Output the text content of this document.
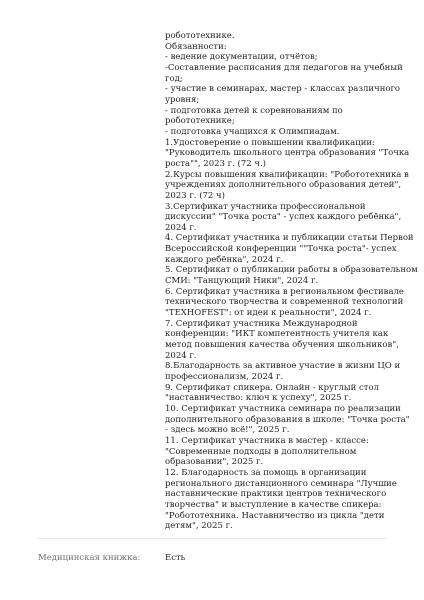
робототехнике.
Обязанности:
- ведение документации, отчётов;
-Составление расписания для педагогов на учебный
год;
- участие в семинарах, мастер - классах различного
уровня;
- подготовка детей к соревнованиям по
робототехнике;
- подготовка учащихся к Олимпиадам.
1.Удостоверение о повышении квалификации:
"Руководитель школьного центра образования "Точка
роста"", 2023 г. (72 ч.)
2.Курсы повышения квалификации: "Робототехника в
учреждениях дополнительного образования детей",
2023 г. (72 ч)
3.Сертификат участника профессиональной
дискуссии" "Точка роста" - успех каждого ребёнка",
2024 г.
4. Сертификат участника и публикации статьи Первой
Всероссийской конференции ""Точка роста"- успех
каждого ребёнка", 2024 г.
5. Сертификат о публикации работы в образовательном
СМИ: "Танцующий Ники", 2024 г.
6. Сертификат участника в региональном фестивале
технического творчества и современной технологий
"TEXHOFEST": от идеи к реальности", 2024 г.
7. Сертификат участника Международной
конференции: "ИКТ компетентность учителя как
метод повышения качества обучения школьников",
2024 г.
8.Благодарность за активное участие в жизни ЦО и
профессионализм, 2024 г.
9. Сертификат спикера. Онлайн - круглый стол
"наставничество: ключ к успеху", 2025 г.
10. Сертификат участника семинара по реализации
дополнительного образования в школе: "Точка роста"
- здесь можно всё!", 2025 г.
11. Сертификат участника в мастер - классе:
"Современные подходы в дополнительном
образовании", 2025 г.
12. Благодарность за помощь в организации
регионального дистанционного семинара "Лучшие
наставнические практики центров технического
творчества" и выступление в качестве спикера:
"Робототехника. Наставничество из цикла "дети
детям", 2025 г.
Медицинская книжка:	Есть
